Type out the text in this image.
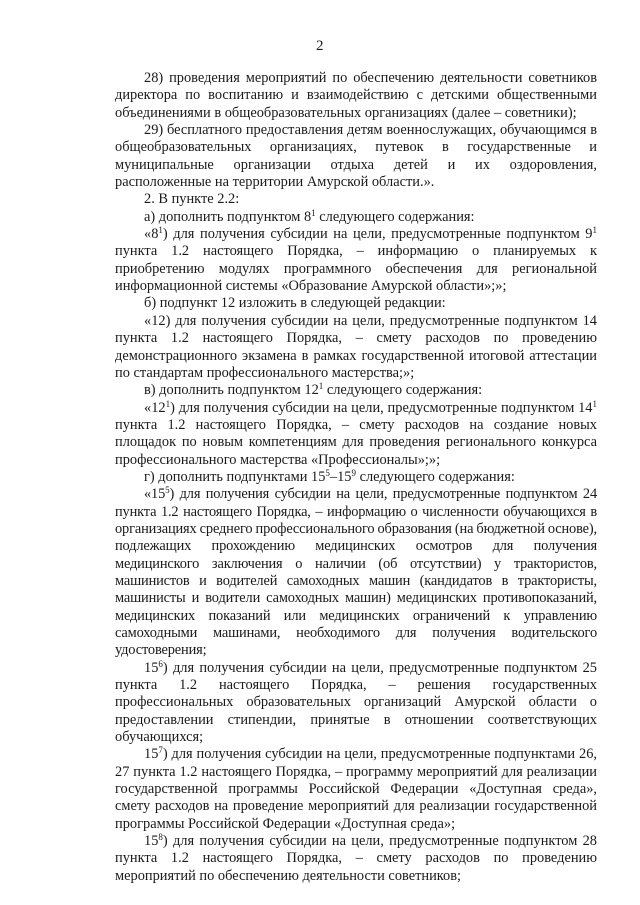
2

28) проведения мероприятий по обеспечению деятельности советников директора по воспитанию и взаимодействию с детскими общественными объединениями в общеобразовательных организациях (далее – советники);

29) бесплатного предоставления детям военнослужащих, обучающимся в общеобразовательных организациях, путевок в государственные и муниципальные организации отдыха детей и их оздоровления, расположенные на территории Амурской области.».

2. В пункте 2.2:

а) дополнить подпунктом $8^1$ следующего содержания:

«$8^1$) для получения субсидии на цели, предусмотренные подпунктом $9^1$ пункта 1.2 настоящего Порядка, – информацию о планируемых к приобретению модулях программного обеспечения для региональной информационной системы «Образование Амурской области»;»;

б) подпункт 12 изложить в следующей редакции:

«12) для получения субсидии на цели, предусмотренные подпунктом 14 пункта 1.2 настоящего Порядка, – смету расходов по проведению демонстрационного экзамена в рамках государственной итоговой аттестации по стандартам профессионального мастерства;»;

в) дополнить подпунктом $12^1$ следующего содержания:

«$12^1$) для получения субсидии на цели, предусмотренные подпунктом $14^1$ пункта 1.2 настоящего Порядка, – смету расходов на создание новых площадок по новым компетенциям для проведения регионального конкурса профессионального мастерства «Профессионалы»;»;

г) дополнить подпунктами $15^5-15^9$ следующего содержания:

«$15^5$) для получения субсидии на цели, предусмотренные подпунктом 24 пункта 1.2 настоящего Порядка, – информацию о численности обучающихся в организациях среднего профессионального образования (на бюджетной основе), подлежащих прохождению медицинских осмотров для получения медицинского заключения о наличии (об отсутствии) у трактористов, машинистов и водителей самоходных машин (кандидатов в трактористы, машинисты и водители самоходных машин) медицинских противопоказаний, медицинских показаний или медицинских ограничений к управлению самоходными машинами, необходимого для получения водительского удостоверения;

$15^6$) для получения субсидии на цели, предусмотренные подпунктом 25 пункта 1.2 настоящего Порядка, – решения государственных профессиональных образовательных организаций Амурской области о предоставлении стипендии, принятые в отношении соответствующих обучающихся;

$15^7$) для получения субсидии на цели, предусмотренные подпунктами 26, 27 пункта 1.2 настоящего Порядка, – программу мероприятий для реализации государственной программы Российской Федерации «Доступная среда», смету расходов на проведение мероприятий для реализации государственной программы Российской Федерации «Доступная среда»;

$15^8$) для получения субсидии на цели, предусмотренные подпунктом 28 пункта 1.2 настоящего Порядка, – смету расходов по проведению мероприятий по обеспечению деятельности советников;
